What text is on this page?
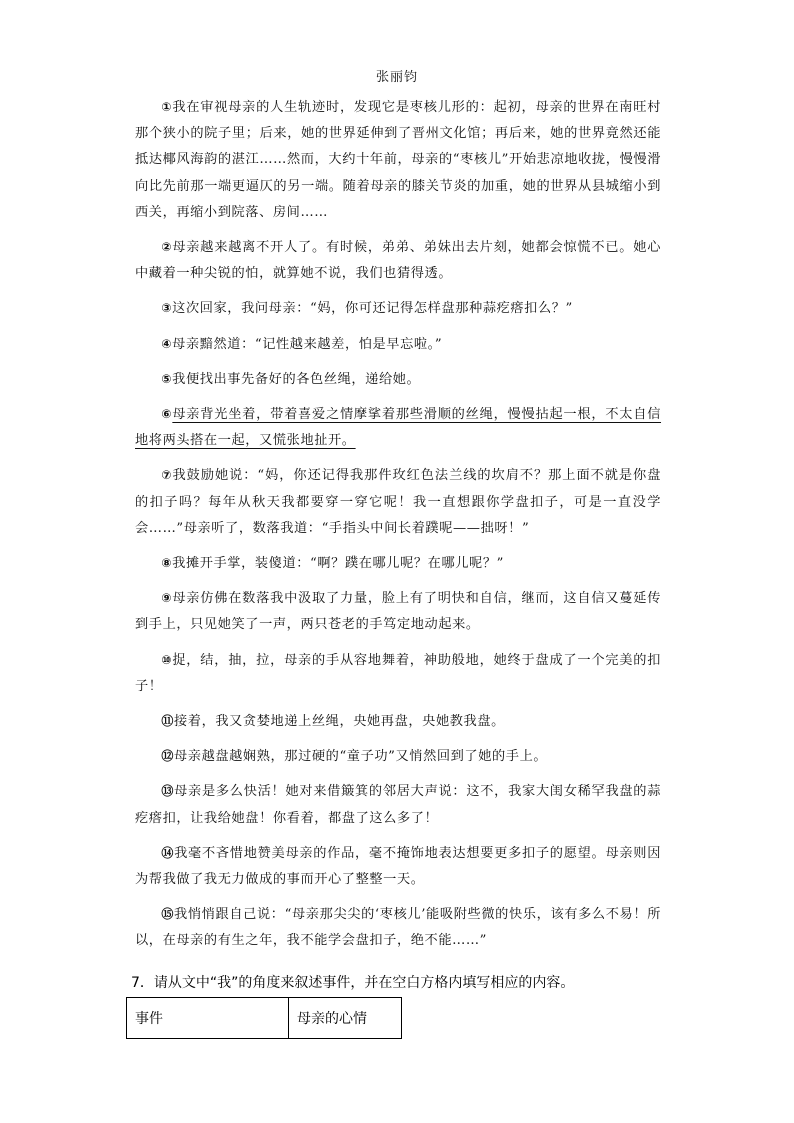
张丽钧

①我在审视母亲的人生轨迹时，发现它是枣核儿形的：起初，母亲的世界在南旺村那个狭小的院子里；后来，她的世界延伸到了晋州文化馆；再后来，她的世界竟然还能抵达椰风海韵的湛江……然而，大约十年前，母亲的“枣核儿”开始悲凉地收拢，慢慢滑向比先前那一端更逼仄的另一端。随着母亲的膝关节炎的加重，她的世界从县城缩小到西关，再缩小到院落、房间……

②母亲越来越离不开人了。有时候，弟弟、弟妹出去片刻，她都会惊慌不已。她心中藏着一种尖锐的怕，就算她不说，我们也猜得透。

③这次回家，我问母亲：“妈，你可还记得怎样盘那种蒜疙瘩扣么？”

④母亲黯然道：“记性越来越差，怕是早忘啦。”

⑤我便找出事先备好的各色丝绳，递给她。

⑥母亲背光坐着，带着喜爱之情摩挲着那些滑顺的丝绳，慢慢拈起一根，不太自信地将两头搭在一起，又慌张地扯开。

⑦我鼓励她说：“妈，你还记得我那件玫红色法兰线的坎肩不？那上面不就是你盘的扣子吗？每年从秋天我都要穿一穿它呢！我一直想跟你学盘扣子，可是一直没学会……”母亲听了，数落我道：“手指头中间长着蹼呢——拙呀！”

⑧我摊开手掌，装傻道：“啊？蹼在哪儿呢？在哪儿呢？”

⑨母亲仿佛在数落我中汲取了力量，脸上有了明快和自信，继而，这自信又蔓延传到手上，只见她笑了一声，两只苍老的手笃定地动起来。

⑩捉，结，抽，拉，母亲的手从容地舞着，神助般地，她终于盘成了一个完美的扣子！

⑪接着，我又贪婪地递上丝绳，央她再盘，央她教我盘。

⑫母亲越盘越娴熟，那过硬的“童子功”又悄然回到了她的手上。

⑬母亲是多么快活！她对来借簸箕的邻居大声说：这不，我家大闺女稀罕我盘的蒜疙瘩扣，让我给她盘！你看着，都盘了这么多了！

⑭我毫不吝惜地赞美母亲的作品，毫不掩饰地表达想要更多扣子的愿望。母亲则因为帮我做了我无力做成的事而开心了整整一天。

⑮我悄悄跟自己说：“母亲那尖尖的‘枣核儿’能吸附些微的快乐，该有多么不易！所以，在母亲的有生之年，我不能学会盘扣子，绝不能……”

7．请从文中“我”的角度来叙述事件，并在空白方格内填写相应的内容。
事件	母亲的心情
